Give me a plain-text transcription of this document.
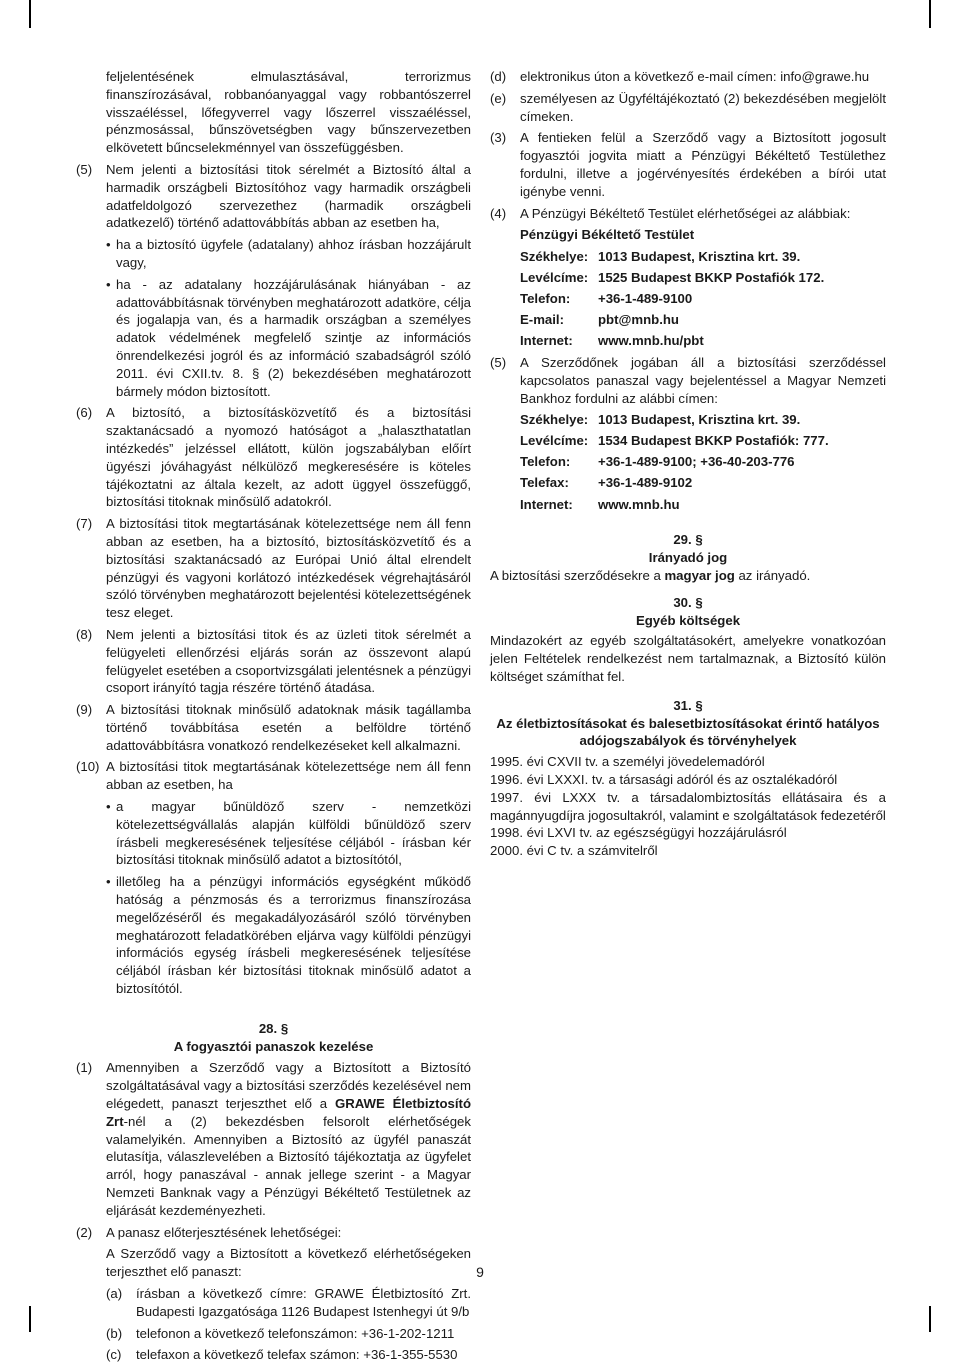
feljelentésének elmulasztásával, terrorizmus finanszírozásával, robbanóanyaggal vagy robbantószerrel visszaéléssel, lőfegyverrel vagy lőszerrel visszaéléssel, pénzmosással, bűnszövetségben vagy bűnszervezetben elkövetett bűncselekménnyel van összefüggésben.
(5) Nem jelenti a biztosítási titok sérelmét a Biztosító által a harmadik országbeli Biztosítóhoz vagy harmadik országbeli adatfeldolgozó szervezethez (harmadik országbeli adatkezelő) történő adattovábbítás abban az esetben ha,
• ha a biztosító ügyfele (adatalany) ahhoz írásban hozzájárult vagy,
• ha - az adatalany hozzájárulásának hiányában - az adattovábbításnak törvényben meghatározott adatköre, célja és jogalapja van, és a harmadik országban a személyes adatok védelmének megfelelő szintje az információs önrendelkezési jogról és az információ szabadságról szóló 2011. évi CXII.tv. 8. § (2) bekezdésében meghatározott bármely módon biztosított.
(6) A biztosító, a biztosításközvetítő és a biztosítási szaktanácsadó a nyomozó hatóságot a „halaszthatatlan intézkedés” jelzéssel ellátott, külön jogszabályban előírt ügyészi jóváhagyást nélkülöző megkeresésére is köteles tájékoztatni az általa kezelt, az adott üggyel összefüggő, biztosítási titoknak minősülő adatokról.
(7) A biztosítási titok megtartásának kötelezettsége nem áll fenn abban az esetben, ha a biztosító, biztosításközvetítő és a biztosítási szaktanácsadó az Európai Unió által elrendelt pénzügyi és vagyoni korlátozó intézkedések végrehajtásáról szóló törvényben meghatározott bejelentési kötelezettségének tesz eleget.
(8) Nem jelenti a biztosítási titok és az üzleti titok sérelmét a felügyeleti ellenőrzési eljárás során az összevont alapú felügyelet esetében a csoportvizsgálati jelentésnek a pénzügyi csoport irányító tagja részére történő átadása.
(9) A biztosítási titoknak minősülő adatoknak másik tagállamba történő továbbítása esetén a belföldre történő adattovábbításra vonatkozó rendelkezéseket kell alkalmazni.
(10) A biztosítási titok megtartásának kötelezettsége nem áll fenn abban az esetben, ha
• a magyar bűnüldöző szerv - nemzetközi kötelezettségvállalás alapján külföldi bűnüldöző szerv írásbeli megkeresésének teljesítése céljából - írásban kér biztosítási titoknak minősülő adatot a biztosítótól,
• illetőleg ha a pénzügyi információs egységként működő hatóság a pénzmosás és a terrorizmus finanszírozása megelőzéséről és megakadályozásáról szóló törvényben meghatározott feladatkörében eljárva vagy külföldi pénzügyi információs egység írásbeli megkeresésének teljesítése céljából írásban kér biztosítási titoknak minősülő adatot a biztosítótól.
28. §
A fogyasztói panaszok kezelése
(1) Amennyiben a Szerződő vagy a Biztosított a Biztosító szolgáltatásával vagy a biztosítási szerződés kezelésével nem elégedett, panaszt terjeszthet elő a GRAWE Életbiztosító Zrt-nél a (2) bekezdésben felsorolt elérhetőségek valamelyikén. Amennyiben a Biztosító az ügyfél panaszát elutasítja, válaszlevelében a Biztosító tájékoztatja az ügyfelet arról, hogy panaszával - annak jellege szerint - a Magyar Nemzeti Banknak vagy a Pénzügyi Békéltető Testületnek az eljárását kezdeményezheti.
(2) A panasz előterjesztésének lehetőségei:
A Szerződő vagy a Biztosított a következő elérhetőségeken terjeszthet elő panaszt:
(a) írásban a következő címre: GRAWE Életbiztosító Zrt. Budapesti Igazgatósága 1126 Budapest Istenhegyi út 9/b
(b) telefonon a következő telefonszámon: +36-1-202-1211
(c) telefaxon a következő telefax számon: +36-1-355-5530
(d) elektronikus úton a következő e-mail címen: info@grawe.hu
(e) személyesen az Ügyféltájékoztató (2) bekezdésében megjelölt címeken.
(3) A fentieken felül a Szerződő vagy a Biztosított jogosult fogyasztói jogvita miatt a Pénzügyi Békéltető Testülethez fordulni, illetve a jogérvényesítés érdekében a bírói utat igénybe venni.
(4) A Pénzügyi Békéltető Testület elérhetőségei az alábbiak:
Pénzügyi Békéltető Testület
Székhelye: 1013 Budapest, Krisztina krt. 39.
Levélcíme: 1525 Budapest BKKP Postafiók 172.
Telefon:	+36-1-489-9100
E-mail:	pbt@mnb.hu
Internet:	www.mnb.hu/pbt
(5) A Szerződőnek jogában áll a biztosítási szerződéssel kapcsolatos panaszal vagy bejelentéssel a Magyar Nemzeti Bankhoz fordulni az alábbi címen:
Székhelye: 1013 Budapest, Krisztina krt. 39.
Levélcíme: 1534 Budapest BKKP Postafiók: 777.
Telefon:	+36-1-489-9100; +36-40-203-776
Telefax:	+36-1-489-9102
Internet:	www.mnb.hu
29. §
Irányadó jog
A biztosítási szerződésekre a magyar jog az irányadó.
30. §
Egyéb költségek
Mindazokért az egyéb szolgáltatásokért, amelyekre vonatkozóan jelen Feltételek rendelkezést nem tartalmaznak, a Biztosító külön költséget számíthat fel.
31. §
Az életbiztosításokat és balesetbiztosításokat érintő hatályos adójogszabályok és törvényhelyek
1995. évi CXVII tv. a személyi jövedelemadóról
1996. évi LXXXI. tv. a társasági adóról és az osztalékadóról
1997. évi LXXX tv. a társadalombiztosítás ellátásaira és a magánnyugdíjra jogosultakról, valamint e szolgáltatások fedezetéről
1998. évi LXVI tv. az egészségügyi hozzájárulásról
2000. évi C tv. a számvitelről
9
